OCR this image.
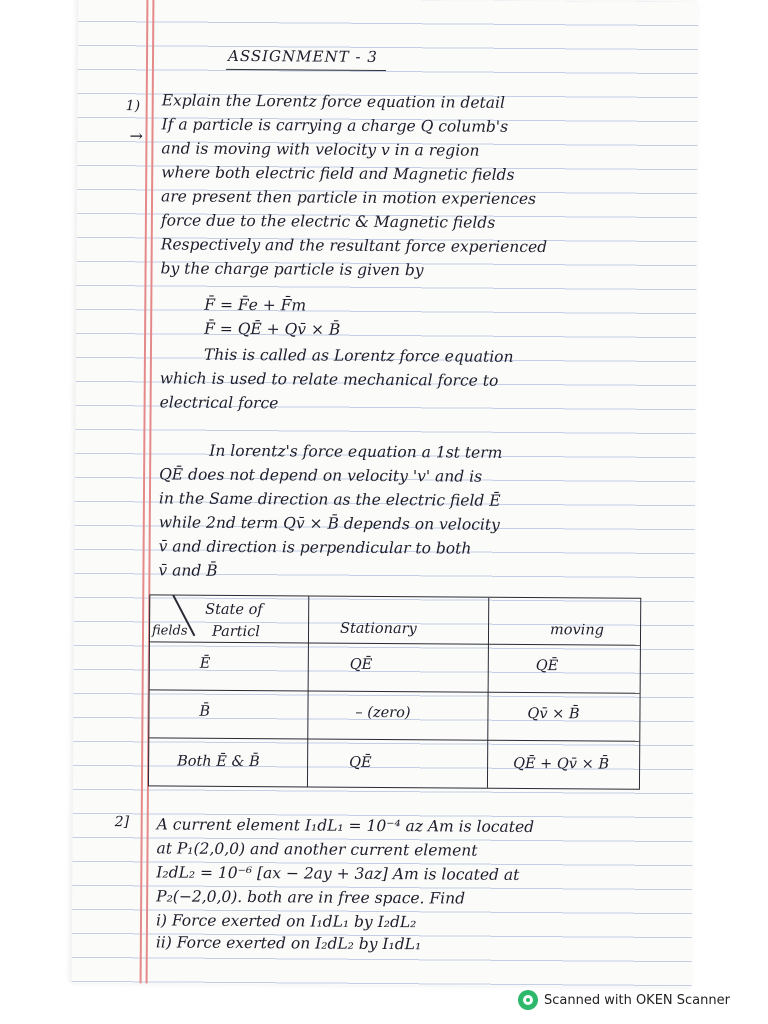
ASSIGNMENT - 3
1)
→
Explain the Lorentz force equation in detail
If a particle is carrying a charge Q columb's
and is moving with velocity v in a region
where both electric field and Magnetic fields
are present then particle in motion experiences
force due to the electric & Magnetic fields
Respectively and the resultant force experienced
by the charge particle is given by
F̄ = F̄e + F̄m
F̄ = QĒ + Qv̄ × B̄
This is called as Lorentz force equation
which is used to relate mechanical force to
electrical force
In lorentz's force equation a 1st term
QĒ does not depend on velocity 'v' and is
in the Same direction as the electric field Ē
while 2nd term Qv̄ × B̄ depends on velocity
v̄ and direction is perpendicular to both
v̄ and B̄
State of
fields Particl	Stationary	moving
Ē	QĒ	QĒ
B̄	– (zero)	Qv̄ × B̄
Both Ē & B̄	QĒ	QĒ + Qv̄ × B̄
2] A current element I₁dL₁ = 10⁻⁴ az Am is located
at P₁(2,0,0) and another current element
I₂dL₂ = 10⁻⁶ [ax − 2ay + 3az] Am is located at
P₂(−2,0,0). both are in free space. Find
i) Force exerted on I₁dL₁ by I₂dL₂
ii) Force exerted on I₂dL₂ by I₁dL₁
Scanned with OKEN Scanner
